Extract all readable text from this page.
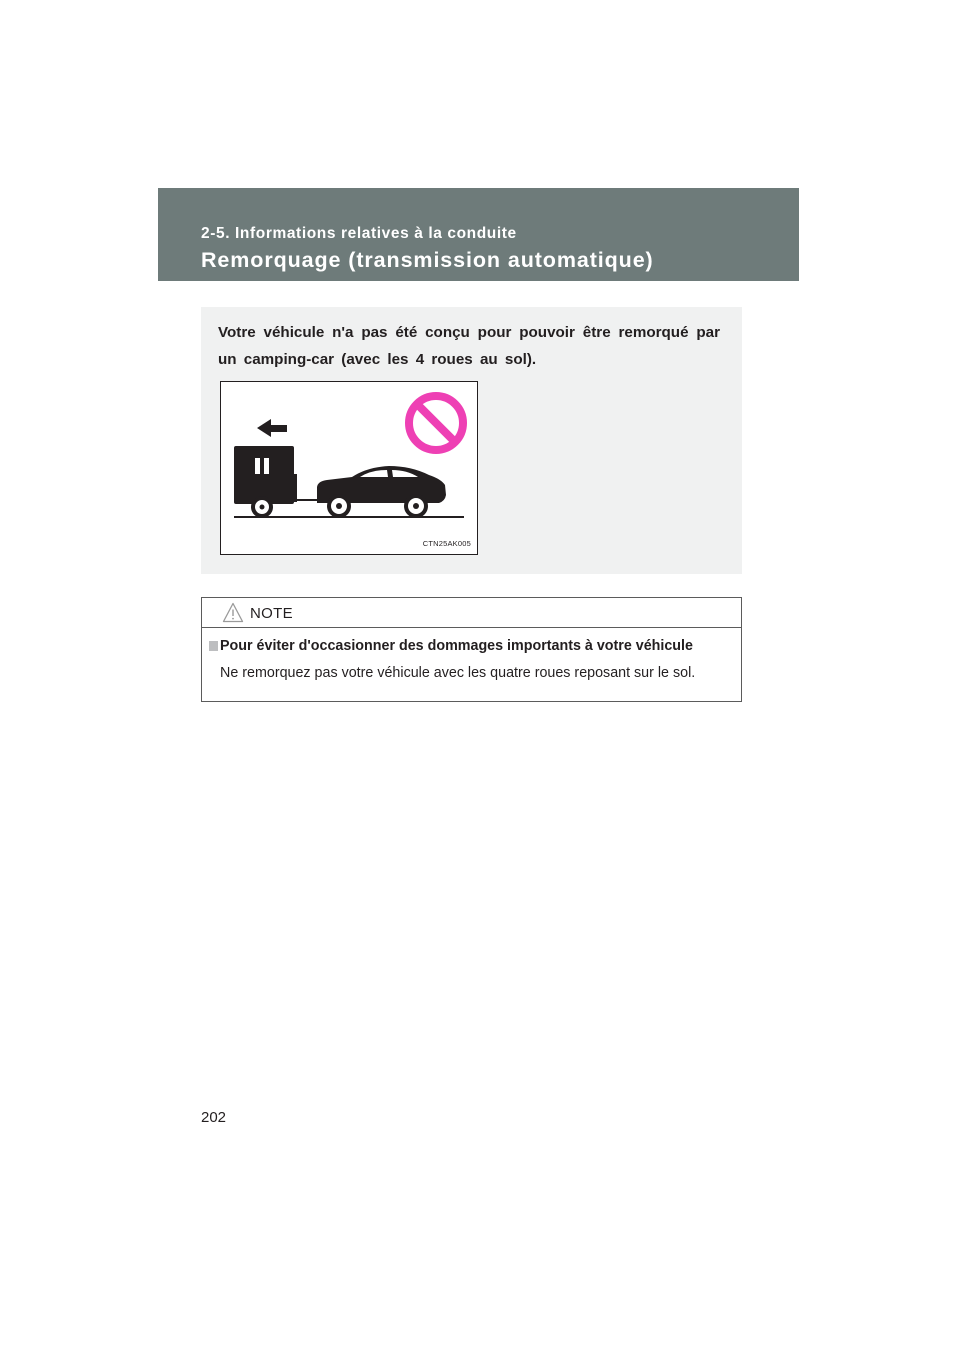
2-5. Informations relatives à la conduite
Remorquage (transmission automatique)
Votre véhicule n'a pas été conçu pour pouvoir être remorqué par un camping-car (avec les 4 roues au sol).
CTN25AK005
NOTE
Pour éviter d'occasionner des dommages importants à votre véhicule
Ne remorquez pas votre véhicule avec les quatre roues reposant sur le sol.
202
